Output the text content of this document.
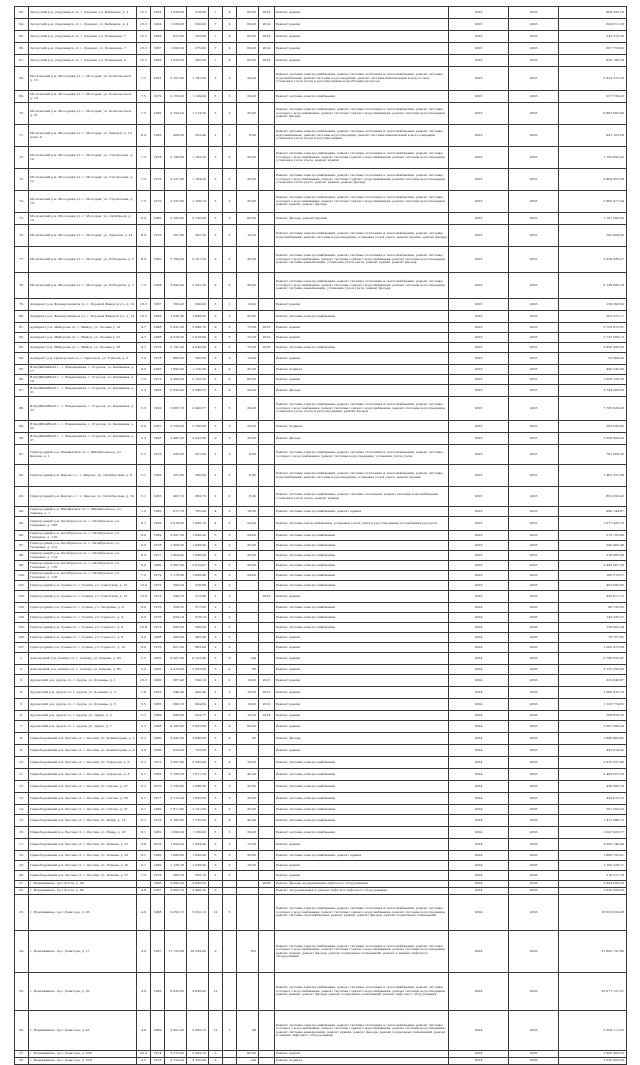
63.	Загорский р-н, Дзержинск ул. г. Дзержи, ул. Кабинетн. д. 3	15.2	1964	1 038,00	319,00	7	4	60,00	2014	Ремонт крыши	2023	2025	608 393,19
64.	Загорский р-н, Дзержинск ул. г. Дзержи, ул. Кабинетн. д. 4	15.2	1964	1 036,00	320,00	7	4	60,00	2014	Ремонт крыши	2023	2025	604 611,30
65.	Загорский р-н, Дзержинск ул. г. Дзержи, ул. Пожарная, 7	15.2	1968	973,00	333,00	7	4	60,00	2014	Ремонт крыши	2023	2025	543 375,36
66.	Загорский р-н, Дзержинск ул. г. Дзержи, ул. Пожарная, 7	15.2	1967	1 096,00	375,00	7	4	60,00	2014	Ремонт крыши	2023	2025	607 755,60
67.	Загорский р-н, Дзержинск ул. г. Дзержи, ул. Пожарная, 9	15.2	1968	1 039,00	382,00	7	4	60,00	2014	Ремонт крыши	2023	2025	636 190,38
68.	Московский р-н, Молодежн ул. г. Молодеж, ул. Комсомольск, д. 15	7.5	1981	3 167,00	1 187,00	5	3	24,00		Ремонт системы электроснабжения, ремонт системы отопления и теплоснабжения, ремонт системы водоснабжения, ремонт системы водоотведения, ремонт системы канализации и водостоков, установка узлов учета и регулирования потребления ресурсов	2023	2025	5 424 372,50
69.	Московский р-н, Молодежн ул. г. Молодеж, ул. Комсомольск, д. 19	7.5	1979	2 155,00	1 149,00	5	3	24,00		Ремонт системы электроснабжения	2023	2025	557 739,22
70.	Московский р-н, Молодежн ул. г. Молодеж, ул. Комсомольск, д. 21	7.5	1982	3 104,00	1 174,50	5	3	30,00		Ремонт системы электроснабжения, ремонт системы отопления и теплоснабжения, ремонт системы холодного водоснабжения, ремонт системы горячего водоснабжения, ремонт системы водоотведения, ремонт фасада	2023	2025	6 863 993,99
71.	Московский р-н, Молодежн ул. г. Молодеж, ул. Заводск, д. 14 корп. 4	8.4	1985	406,00	223,40	2	1	8,00		Ремонт системы электроснабжения, ремонт системы отопления и теплоснабжения, ремонт системы водоснабжения, ремонт системы водоотведения, ремонт системы канализации и водоотведения, установка узлов учета и регулирования	2023	2025	841 103,08
72.	Московский р-н, Молодежн ул. г. Молодеж, ул. Строительн, д. 10	7.5	1978	2 196,00	1 163,20	5	3	30,00		Ремонт системы электроснабжения, ремонт системы отопления и теплоснабжения, ремонт системы холодного водоснабжения, ремонт системы горячего водоснабжения, ремонт системы водоотведения, установка узлов учета, ремонт крыши	2023	2025	7 125 695,42
73.	Московский р-н, Молодежн ул. г. Молодеж, ул. Строительн, д. 12	7.5	1978	2 237,00	1 164,20	5	3	30,00		Ремонт системы электроснабжения, ремонт системы отопления и теплоснабжения, ремонт системы холодного водоснабжения, ремонт системы горячего водоснабжения, ремонт системы водоотведения, установка узлов учета, ремонт крыши, ремонт фасада	2023	2025	2 964 452,08
74.	Московский р-н, Молодежн ул. г. Молодеж, ул. Строительн, д. 14	7.5	1979	2 237,00	1 166,10	5	3	30,00		Ремонт системы электроснабжения, ремонт системы отопления и теплоснабжения, ремонт системы холодного водоснабжения, ремонт системы горячего водоснабжения, ремонт системы водоотведения, ремонт крыши, ремонт фасада	2023	2025	2 962 471,04
75.	Московский р-н, Молодежн ул. г. Молодеж, ул. Октябрьск, д. 14	8.4	1985	3 183,00	2 130,60	5	3	60,00		Ремонт фасада, ремонт крыши	2023	2025	1 191 560,00
76.	Московский р-н, Молодежн ул. г. Молодеж, ул. Чкалова, д. 14	8.4	1976	767,90	247,30	3	2	16,00		Ремонт системы электроснабжения, ремонт системы отопления и теплоснабжения, ремонт системы водоснабжения, ремонт системы водоотведения, установка узлов учета, ремонт крыши, ремонт фасада	2023	2025	702 909,60
77.	Московский р-н, Молодежн ул. г. Молодеж, ул. Рубцовска, д. 5	8.4	1980	3 784,00	2 101,50	9	3	36,00		Ремонт системы электроснабжения, ремонт системы отопления и теплоснабжения, ремонт системы холодного водоснабжения, ремонт системы горячего водоснабжения, ремонт системы водоотведения, ремонт системы канализации, установка узлов учета, ремонт крыши, ремонт фасада	2023	2025	5 059 430,27
78.	Московский р-н, Молодежн ул. г. Молодеж, ул. Рубцовска, д. 7	7.5	1984	3 943,00	2 302,20	9	3	36,00		Ремонт системы электроснабжения, ремонт системы отопления и теплоснабжения, ремонт системы холодного водоснабжения, ремонт системы горячего водоснабжения, ремонт системы водоотведения, ремонт системы канализации, установка узлов учета, ремонт фасада	2023	2025	6 149 996,18
79.	Адмиралт р-н, Фрезеровщиков ул. г. Боровой Фаворск ул., д. 12	16.3	1967	700,42	290,00	3	1	12,00		Ремонт крыши	2023	2025	156 393,90
80.	Адмиралт р-н, Фрезеровщиков ул. г. Боровой Фаворск ул., д. 14	16.3	1968	1 036,40	1 089,95	3	2	25,00		Ремонт системы электроснабжения	2023	2025	502 331,17
81.	Адмиралт р-н, Майорова ул. г. Майор, ул. Лесная д. 19	4.7	1988	5 041,00	3 998,70	9	5	75,00	2016	Ремонт крыши	2023	2025	2 754 975,91
82.	Адмиралт р-н, Майорова ул. г. Майор, ул. Лесная д. 21	4.7	1988	4 918,00	3 918,60	9	5	75,00	2016	Ремонт крыши	2023	2025	2 747 569,13
83.	Адмиралт р-н, Майорова ул. г. Майор, ул. Лесная д. 23	4.7	1978	5 741,00	4 040,00	9	5	75,00	2016	Ремонт системы электроснабжения	2023	2025	3 950 420,00
84.	Адмиралт р-н, Праторская ул. г. Праторск, ул. Учитель д. 3	7.0	1978	880,00	560,00	2	2	12,00		Ремонт крыши	2023	2025	52 968,20
85.	ВЛАДИКАВКАЗ г., г. Владикавказ, г. Стрелов, ул. Калинина, д. 17	8.0	1963	1 695,00	1 150,00	4	4	36,00		Ремонт подвала	2023	2025	490 545,00
86.	ВЛАДИКАВКАЗ г., г. Владикавказ, г. Стрелов, ул. Калинина, д. 19	7.5	1972	3 450,00	2 152,25	5	4	60,00		Ремонт крыши	2023	2025	1 809 133,38
87.	ВЛАДИКАВКАЗ г., г. Владикавказ, г. Стрелов, ул. Калинина, д. 21	5.3	1992	5 035,00	3 346,57	5	4	24,00		Ремонт фасада	2023	2025	3 744 363,00
88.	ВЛАДИКАВКАЗ г., г. Владикавказ, г. Стрелов, ул. Калинина, д. 23	5.3	1992	5 665,70	3 460,57	7	3	26,00		Ремонт системы электроснабжения, ремонт системы отопления и теплоснабжения, ремонт системы холодного водоснабжения, ремонт системы горячего водоснабжения, ремонт системы водоотведения, установка узлов учета и регулирования, ремонт фасада	2023	2025	7 780 930,00
89.	ВЛАДИКАВКАЗ г., г. Владикавказ, г. Стрелов, ул. Калинина, д. 25	6.0	1987	3 758,60	2 786,80	5	3	26,00		Ремонт подвала	2023	2025	263 556,80
90.	ВЛАДИКАВКАЗ г., г. Владикавказ, г. Стрелов, ул. Калинина, д. 27	5.3	1993	5 482,30	3 432,90	9	3	36,00		Ремонт фасада	2023	2025	3 209 904,20
91.	Пригородный р-н, Михайловск сл. с. Михайловское, ул. Кирова, д. 1	5.5	1976	230,00	227,00	2	2	8,00		Ремонт системы электроснабжения, ремонт системы отопления и теплоснабжения, ремонт системы холодного водоснабжения, ремонт системы водоотведения, установка узлов учета	2023	2025	797 006,35
92.	Пригородный р-н, Кирово с.с. с. Кирово, ул. Октябрьская, д. 8	5.1	1982	431,60	386,60	2	2	8,00		Ремонт системы электроснабжения, ремонт системы отопления и теплоснабжения, ремонт системы водоснабжения, ремонт системы водоотведения, установка узлов учета, ремонт крыши	2023	2025	1 483 331,08
93.	Пригородный р-н, Кирово с.с. с. Кирово, ул. Октябрьская, д. 10	5.1	1983	462,70	382,70	2	2	8,00		Ремонт системы электроснабжения, ремонт системы отопления, ремонт системы водоснабжения, установка узлов учета, ремонт крыши	2023	2025	853 063,42
94.	Пригородный р-н, Михайловск сл. с. Михайловское, ул. Ленина, д. 1	1.2	1985	811,70	785,00	4	2	16,00		Ремонт системы электроснабжения, ремонт крыши	2023	2025	990 144,87
95.	Пригородный р-н, Октябрьское сл. с. Октябрьское, ул. Гагарина, д. 108	6.7	1992	2 018,00	1 900,70	4	3	24,00		Ремонт системы теплоснабжения, установка узлов учета и регулирования потребления ресурсов	2023	2025	1 677 422,79
96.	Пригородный р-н, Октябрьское сл. с. Октябрьское, ул. Гагарина, д. 110	6.0	1989	2 097,30	1 920,20	5	3	24,00		Ремонт системы электроснабжения	2023	2025	513 153,80
97.	Пригородный р-н, Октябрьское сл. с. Октябрьское, ул. Гагарина, д. 112	6.0	1978	1 908,00	1 908,00	5	2	30,00		Ремонт системы электроснабжения	2023	2025	296 402,48
98.	Пригородный р-н, Октябрьское сл. с. Октябрьское, ул. Гагарина, д. 114	6.0	1977	1 904,00	1 908,00	5	2	30,00		Ремонт системы электроснабжения	2023	2025	318 983,68
99.	Пригородный р-н, Октябрьское сл. с. Октябрьское, ул. Гагарина, д. 116	6.0	1980	2 097,00	2 019,67	5	3	30,00		Ремонт системы электроснабжения	2023	2025	2 443 907,20
100.	Пригородный р-н, Октябрьское сл. с. Октябрьское, ул. Гагарина, д. 118	7.2	1979	1 178,90	1 068,90	3	2	24,00		Ремонт системы электроснабжения	2023	2025	160 513,07
101.	Пригородный р-н, Сунжа сл. с. Сунжа, ул. Советская, д. 13	12.9	1972	393,20	258,80	2	2			Ремонт системы электроснабжения	2023	2025	402 095,60
102.	Пригородный р-н, Сунжа сл. с. Сунжа, ул. Советская, д. 15	12.9	1972	344,70	313,90	2	2		2016	Ремонт крыши	2023	2025	430 671,72
103.	Пригородный р-н, Сунжа сл. с. Сунжа, ул. Гагарина, д. 4	6.0	1976	359,35	317,80	2	1			Ремонт системы электроснабжения	2024	2026	98 135,60
104.	Пригородный р-н, Сунжа сл. с. Сунжа, ул. Горького, д. 4	6.0	1976	624,10	618,10	2	2			Ремонт системы электроснабжения	2024	2026	142 333,27
105.	Пригородный р-н, Сунжа сл. с. Сунжа, ул. Горького, д. 6	10.8	1972	620,00	586,00	2	2			Ремонт системы электроснабжения	2024	2026	156 802,24
106.	Пригородный р-н, Сунжа сл. с. Сунжа, ул. Горького, д. 8	9.0	1968	420,90	382,90	3	2			Ремонт крыши	2024	2026	76 707,65
107.	Пригородный р-н, Сунжа сл. с. Сунжа, ул. Горького, д. 10	6.0	1976	921,00	883,60	2	2			Ремонт крыши	2024	2026	1 002 473,09
1.	Алагирский р-н, Алагир сл. г. Алагир, ул. Кирова, д. 83	2.5	1965	9 281,40	9 102,40	5	6	144		Ремонт крыши	2024	2026	6 786 652,47
2.	Алагирский р-н, Алагир сл. г. Алагир, ул. Кирова, д. 85	5.2	1985	4 416,00	3 603,80	5	4	60		Ремонт крыши	2024	2026	3 125 330,92
3.	Ардонский р-н, Ардон сл. г. Ардон, ул. Кочиева, д. 1	10.3	1960	587,40	500,10	2	2	16,00	2013	Ремонт крыши	2024	2026	332 945,87
4.	Ардонский р-н, Ардон сл. г. Ардон, ул. Кочиева, д. 3	7.8	1963	546,40	440,40	2	2	16,00	2013	Ремонт крыши	2024	2026	1 066 416,10
5.	Ардонский р-н, Ардон сл. г. Ардон, ул. Кочиева, д. 5	5.5	1985	998,10	994,80	2	2	16,00	2012	Ремонт крыши	2024	2026	1 133 774,65
6.	Ардонский р-н, Ардон сл. г. Ардон, ул. Дзаук, д. 5	5.7	1989	820,90	554,77	2	2	16,00	2014	Ремонт крыши	2024	2026	768 858,20
7.	Ардонский р-н, Ардон сл. г. Ардон, ул. Дзаук, д. 7	5.7	1988	4 183,00	3 663,80	5	4	60,00		Ремонт крыши	2024	2026	3 207 588,44
8.	Правобережный р-н, Беслан сл. г. Беслан, ул. Коминтерна, д. 2	6.1	1980	3 945,00	2 848,00	5	4	60		Ремонт фасада	2024	2026	1 880 869,85
9.	Правобережный р-н, Беслан сл. г. Беслан, ул. Коминтерна, д. 4	2.9	1990	974,00	723,00	5	3			Ремонт крыши	2024	2026	443 919,05
10.	Правобережный р-н, Беслан сл. г. Беслан, ул. Суворова, д. 6	6.1	1973	3 697,00	2 545,00	5	4	70,00		Ремонт системы электроснабжения	2024	2026	2 370 837,66
11.	Правобережный р-н, Беслан сл. г. Беслан, ул. Суворова, д. 8	6.1	1982	2 780,50	1 811,74	5	4	40,00		Ремонт системы электроснабжения	2024	2026	2 409 057,29
12.	Правобережный р-н, Беслан сл. г. Беслан, ул. Сигова, д. 27	6.1	1976	1 756,80	1 086,20	5	3	30,00		Ремонт системы электроснабжения	2024	2026	438 380,18
13.	Правобережный р-н, Беслан сл. г. Беслан, ул. Сигова, д. 29	6.1	1977	2 115,00	1 832,00	5	3	36,00		Ремонт системы электроснабжения	2024	2026	434 613,72
14.	Правобережный р-н, Беслан сл. г. Беслан, ул. Сигова, д. 31	6.1	1980	1 811,60	1 161,60	5	3	30,00		Ремонт системы электроснабжения	2024	2026	501 354,52
15.	Правобережный р-н, Беслан сл. г. Беслан, ул. Мира, д. 14	6.1	1978	2 180,00	1 735,00	5	4	40,00		Ремонт системы электроснабжения	2024	2026	1 472 088,13
16.	Правобережный р-н, Беслан сл. г. Беслан, ул. Мира, д. 16	6.1	1982	1 690,00	1 180,00	5	3	30,00		Ремонт системы электроснабжения	2024	2026	1 047 902,57
17.	Правобережный р-н, Беслан сл. г. Беслан, ул. Плиева, д. 21	4.9	2002	1 094,20	1 094,20	5	3	15,00		Ремонт крыши	2024	2026	4 262 749,99
18.	Правобережный р-н, Беслан сл. г. Беслан, ул. Плиева, д. 23	6.1	1980	1 000,00	1 000,00	5	3	30,00		Ремонт системы электроснабжения, ремонт крыши	2024	2026	1 666 725,91
19.	Правобережный р-н, Беслан сл. г. Беслан, ул. Плиева, д. 25	6.1	1980	1 126,78	1 058,00	5	3	16,00		Ремонт крыши	2024	2026	1 109 228,71
20.	Правобережный р-н, Беслан сл. г. Беслан, ул. Плиева, д. 27	7.3	1978	382,20	335,70	2	2			Ремонт крыши	2024	2026	218 511,79
21.	г. Владикавказ, пр-т Коста, д. 90		1966	3 090,30	2 806,00				2008	Ремонт фасада, модернизация лифтового оборудования	2024	2026	3 894 050,00
22.	г. Владикавказ, пр-т Коста, д. 94	4.8	1987	3 662,30	2 480,70	9				Ремонт, модернизация и ремонт лифтов и лифтового оборудования	2024	2026	1 650 000,00
23.	г. Владикавказ, пр-т Доватора, д. 26	4.6	1988	9 050,15	5 050,12	12	5			Ремонт системы электроснабжения, ремонт системы отопления и теплоснабжения, ремонт системы холодного водоснабжения, ремонт системы горячего водоснабжения, ремонт системы водоотведения, ремонт системы газоснабжения, ремонт крыши, ремонт фасада, ремонт подвальных помещений	2024	2026	18 652 622,98
24.	г. Владикавказ, пр-т Доватора, д. 17	4.9	1987	11 723,90	10 329,00	9		163		Ремонт системы электроснабжения, ремонт системы отопления и теплоснабжения, ремонт системы холодного водоснабжения, ремонт системы горячего водоснабжения, ремонт системы водоотведения, ремонт крыши, ремонт фасада, ремонт подвальных помещений, ремонт и замена лифтового оборудования	2024	2026	31 695 747,86
25.	г. Владикавказ, пр-т Доватора, д. 35	4.6	1985	6 636,92	4 696,92	12				Ремонт системы электроснабжения, ремонт системы отопления и теплоснабжения, ремонт системы холодного водоснабжения, ремонт системы горячего водоснабжения, ремонт системы водоотведения, ремонт крыши, ремонт фасада, ремонт подвальных помещений, ремонт лифтового оборудования	2024	2026	25 071 121,51
26.	г. Владикавказ, пр-т Доватора, д. 43	4.6	1989	2 991,20	2 583,10	12	1	48		Ремонт системы электроснабжения, ремонт системы отопления и теплоснабжения, ремонт системы холодного водоснабжения, ремонт системы горячего водоснабжения, ремонт системы водоотведения, ремонт системы канализации, ремонт крыши, ремонт фасада, ремонт подвальных помещений, ремонт и замена лифтового оборудования	2024	2026	5 309 111,03
27.	г. Владикавказ, пр-т Доватора, д. 23Б	22.9	1974	3 272,00	2 994,70	5		80,00		Ремонт крыши	2024	2026	1 900 402,00
28.	г. Владикавказ, пр-т Доватора, д. 25Б	4.5	1978	4 759,00	4 150,00	9		144		Ремонт подвала	2024	2026	1 050 962,59
